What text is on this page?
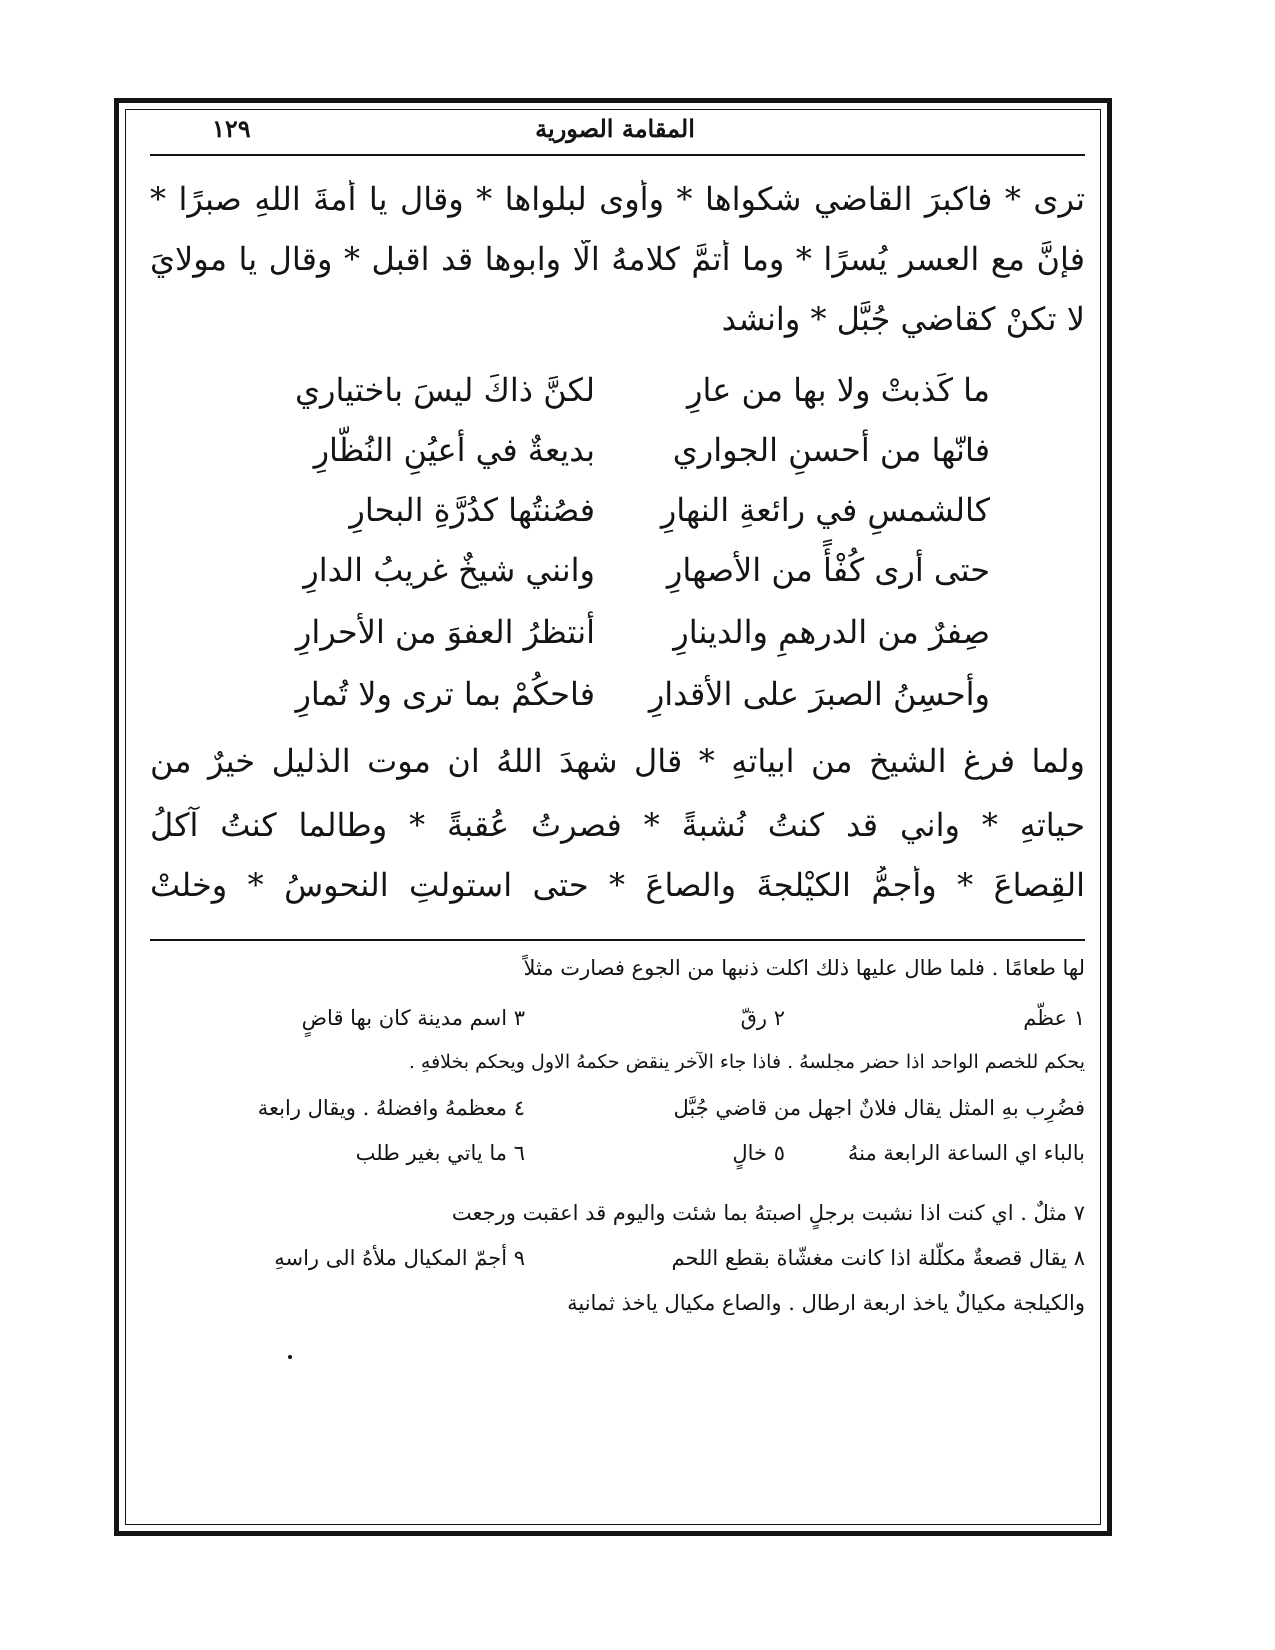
المقامة الصورية
١٢٩
ترى * فاكبرَ القاضي شكواها * وأوى لبلواها * وقال يا أمةَ اللهِ صبرًا *
فإنَّ مع العسر يُسرًا * وما أتمَّ كلامهُ الّا وابوها قد اقبل * وقال يا مولايَ
لا تكنْ كقاضي جُبَّل * وانشد
ما كَذبتْ ولا بها من عارِ
لكنَّ ذاكَ ليسَ باختياري
فانّها من أحسنِ الجواري
بديعةٌ في أعيُنِ النُظّارِ
كالشمسِ في رائعةِ النهارِ
فصُنتُها كدُرَّةِ البحارِ
حتى أرى كُفْأً من الأصهارِ
وانني شيخٌ غريبُ الدارِ
صِفرٌ من الدرهمِ والدينارِ
أنتظرُ العفوَ من الأحرارِ
وأحسِنُ الصبرَ على الأقدارِ
فاحكُمْ بما ترى ولا تُمارِ
ولما فرغ الشيخ من ابياتهِ * قال شهدَ اللهُ ان موت الذليل خيرٌ من
حياتهِ * واني قد كنتُ نُشبةً * فصرتُ عُقبةً * وطالما كنتُ آكلُ
القِصاعَ * وأجمُّ الكيْلجةَ والصاعَ * حتى استولتِ النحوسُ * وخلتْ
لها طعامًا . فلما طال عليها ذلك اكلت ذنبها من الجوع فصارت مثلاً
١ عظّم
٢ رقّ
٣ اسم مدينة كان بها قاضٍ
يحكم للخصم الواحد اذا حضر مجلسهُ . فاذا جاء الآخر ينقض حكمهُ الاول ويحكم بخلافهِ .
فضُرِب بهِ المثل يقال فلانٌ اجهل من قاضي جُبَّل
٤ معظمهُ وافضلهُ . ويقال رابعة
بالباء اي الساعة الرابعة منهُ
٥ خالٍ
٦ ما ياتي بغير طلب
٧ مثلٌ . اي كنت اذا نشبت برجلٍ اصبتهُ بما شئت واليوم قد اعقبت ورجعت
٨ يقال قصعةٌ مكلّلة اذا كانت مغشّاة بقطع اللحم
٩ أجمّ المكيال ملأهُ الى راسهِ
والكيلجة مكيالٌ ياخذ اربعة ارطال . والصاع مكيال ياخذ ثمانية
